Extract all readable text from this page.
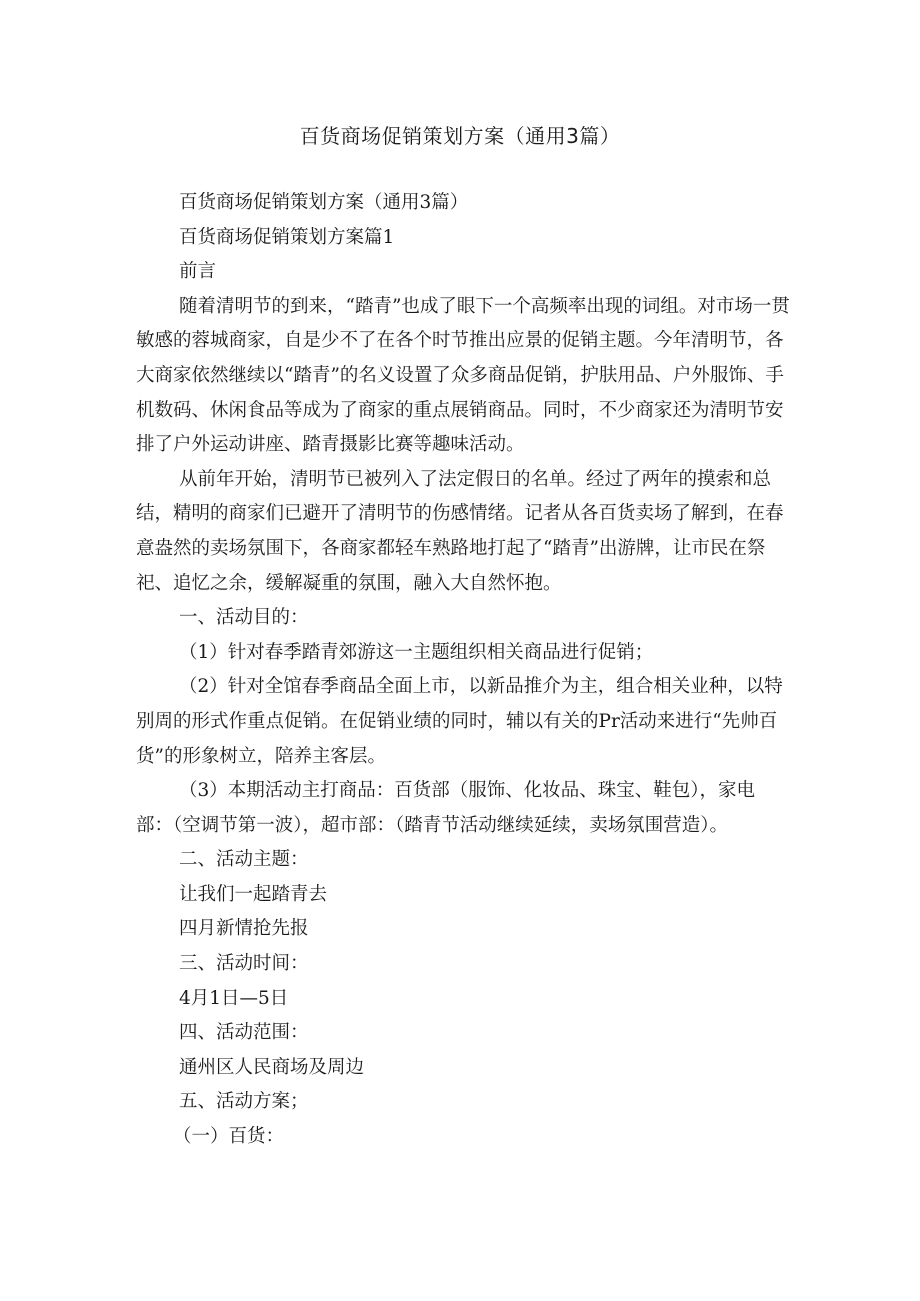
百货商场促销策划方案（通用3篇）

百货商场促销策划方案（通用3篇）

百货商场促销策划方案篇1

前言

随着清明节的到来，“踏青”也成了眼下一个高频率出现的词组。对市场一贯敏感的蓉城商家，自是少不了在各个时节推出应景的促销主题。今年清明节，各大商家依然继续以“踏青”的名义设置了众多商品促销，护肤用品、户外服饰、手机数码、休闲食品等成为了商家的重点展销商品。同时，不少商家还为清明节安排了户外运动讲座、踏青摄影比赛等趣味活动。

从前年开始，清明节已被列入了法定假日的名单。经过了两年的摸索和总结，精明的商家们已避开了清明节的伤感情绪。记者从各百货卖场了解到，在春意盎然的卖场氛围下，各商家都轻车熟路地打起了“踏青”出游牌，让市民在祭祀、追忆之余，缓解凝重的氛围，融入大自然怀抱。

一、活动目的：

（1）针对春季踏青郊游这一主题组织相关商品进行促销；

（2）针对全馆春季商品全面上市，以新品推介为主，组合相关业种，以特别周的形式作重点促销。在促销业绩的同时，辅以有关的Pr活动来进行“先帅百货”的形象树立，陪养主客层。

（3）本期活动主打商品：百货部（服饰、化妆品、珠宝、鞋包），家电部：（空调节第一波），超市部：（踏青节活动继续延续，卖场氛围营造）。

二、活动主题：

让我们一起踏青去

四月新情抢先报

三、活动时间：

4月1日—5日

四、活动范围：

通州区人民商场及周边

五、活动方案；

（一）百货：
